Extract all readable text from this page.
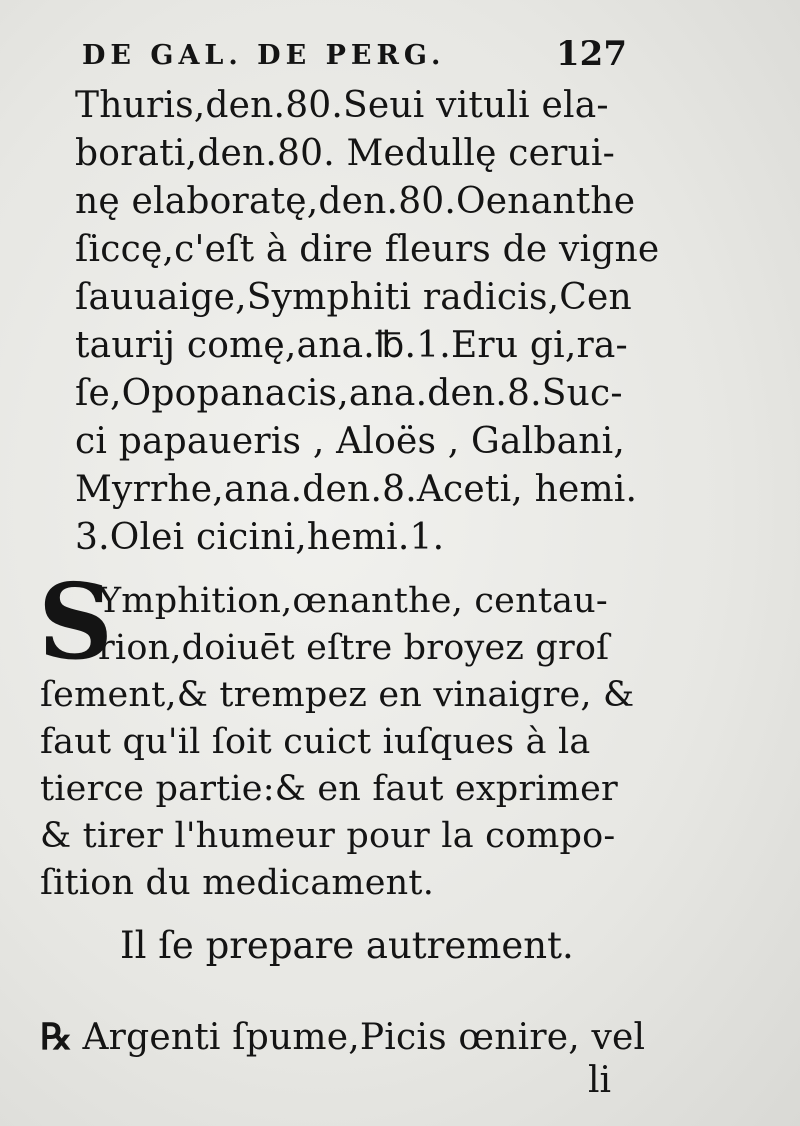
DE GAL. DE PERG.	127
Thuris,den.80.Seui vituli ela-
borati,den.80. Medullę cerui-
nę elaboratę,den.80.Oenanthe
ſiccę,c'eſt à dire fleurs de vigne
ſauuaige,Symphiti radicis,Cen
taurij comę,ana.℔.1.Eru gi,ra-
ſe,Opopanacis,ana.den.8.Suc-
ci papaueris , Aloës , Galbani,
Myrrhe,ana.den.8.Aceti, hemi.
3.Olei cicini,hemi.1.
S
Ymphition,œnanthe, centau-
rion,doiuēt eſtre broyez groſ
ſement,& trempez en vinaigre, &
faut qu'il ſoit cuict iuſques à la
tierce partie:& en faut exprimer
& tirer l'humeur pour la compo-
ſition du medicament.
Il ſe prepare autrement.
℞ Argenti ſpume,Picis œnire, vel
li
